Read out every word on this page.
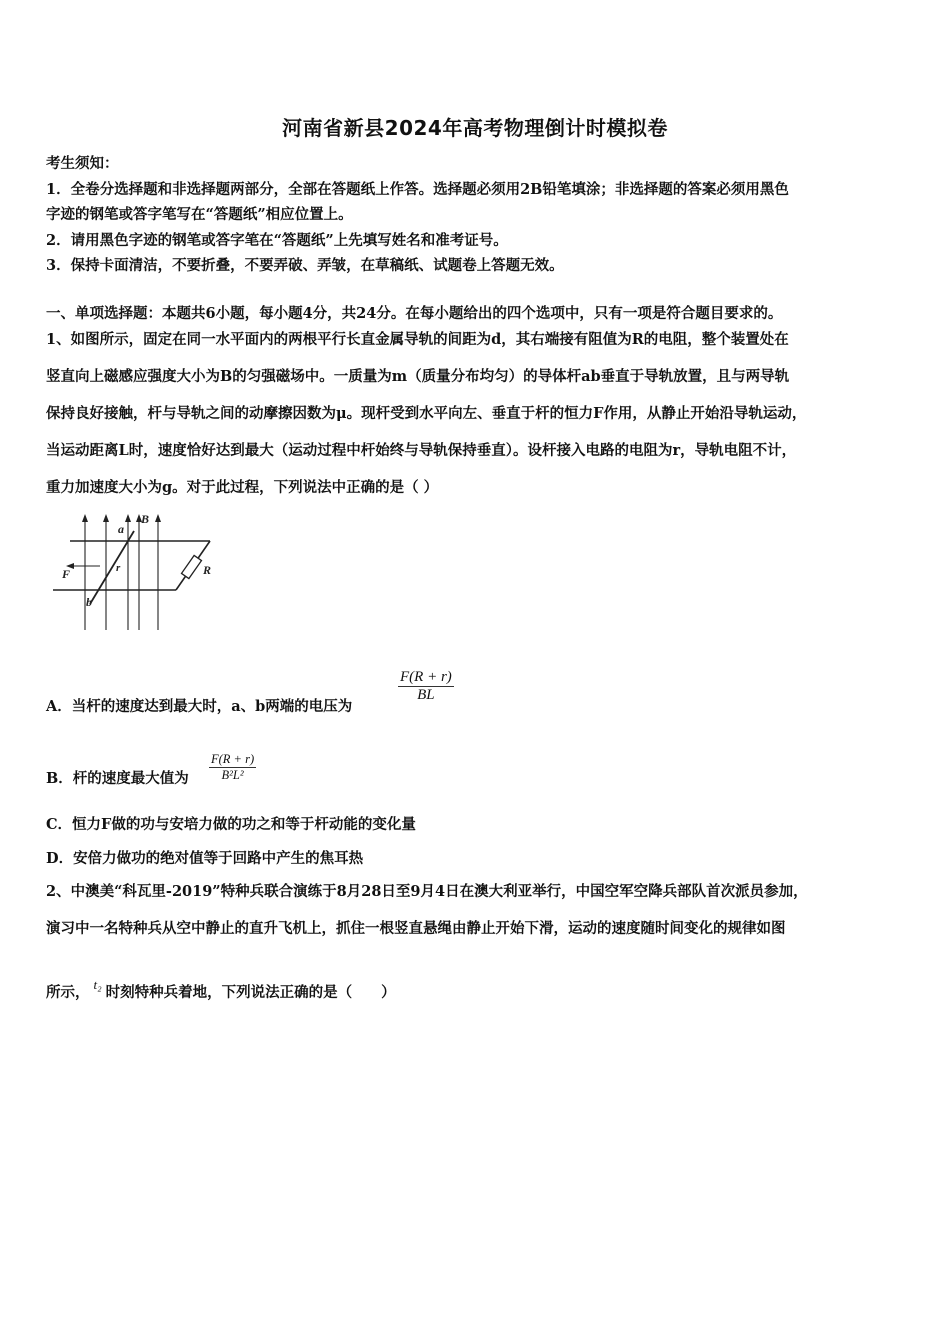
河南省新县2024年高考物理倒计时模拟卷
考生须知：
1．全卷分选择题和非选择题两部分，全部在答题纸上作答。选择题必须用2B铅笔填涂；非选择题的答案必须用黑色
字迹的钢笔或答字笔写在“答题纸”相应位置上。
2．请用黑色字迹的钢笔或答字笔在“答题纸”上先填写姓名和准考证号。
3．保持卡面清洁，不要折叠，不要弄破、弄皱，在草稿纸、试题卷上答题无效。
一、单项选择题：本题共6小题，每小题4分，共24分。在每小题给出的四个选项中，只有一项是符合题目要求的。
1、如图所示，固定在同一水平面内的两根平行长直金属导轨的间距为d，其右端接有阻值为R的电阻，整个装置处在
竖直向上磁感应强度大小为B的匀强磁场中。一质量为m（质量分布均匀）的导体杆ab垂直于导轨放置，且与两导轨
保持良好接触，杆与导轨之间的动摩擦因数为μ。现杆受到水平向左、垂直于杆的恒力F作用，从静止开始沿导轨运动，
当运动距离L时，速度恰好达到最大（运动过程中杆始终与导轨保持垂直）。设杆接入电路的电阻为r，导轨电阻不计，
重力加速度大小为g。对于此过程，下列说法中正确的是（ ）
a
B
F	r	R
b
A．当杆的速度达到最大时，a、b两端的电压为
F(R + r)
BL
B．杆的速度最大值为
F(R + r)
B²L²
C．恒力F做的功与安培力做的功之和等于杆动能的变化量
D．安倍力做功的绝对值等于回路中产生的焦耳热
2、中澳美“科瓦里-2019”特种兵联合演练于8月28日至9月4日在澳大利亚举行，中国空军空降兵部队首次派员参加，
演习中一名特种兵从空中静止的直升飞机上，抓住一根竖直悬绳由静止开始下滑，运动的速度随时间变化的规律如图
所示， t₂ 时刻特种兵着地，下列说法正确的是（　　）
